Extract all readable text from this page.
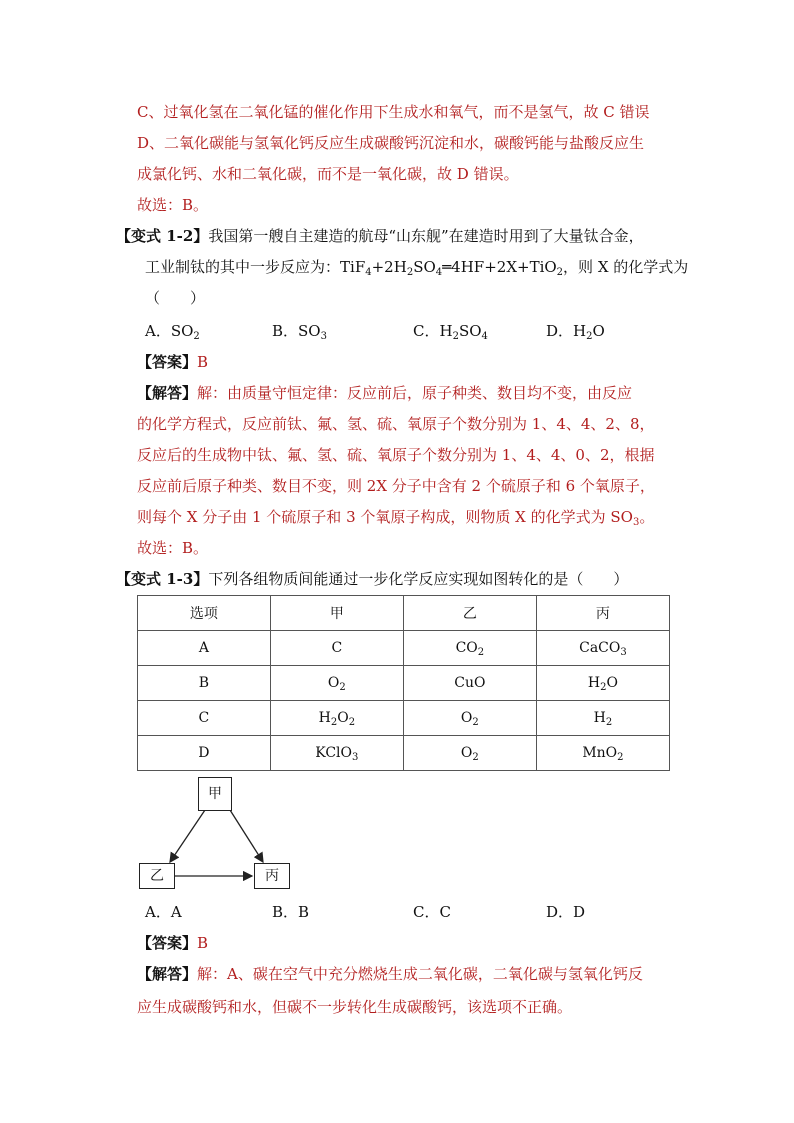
C、过氧化氢在二氧化锰的催化作用下生成水和氧气，而不是氢气，故 C 错误
D、二氧化碳能与氢氧化钙反应生成碳酸钙沉淀和水，碳酸钙能与盐酸反应生
成氯化钙、水和二氧化碳，而不是一氧化碳，故 D 错误。
故选：B。
【变式 1-2】我国第一艘自主建造的航母“山东舰”在建造时用到了大量钛合金，
工业制钛的其中一步反应为：$TiF_4+2H_2SO_4═4HF+2X+TiO_2$，则 X 的化学式为
（　　）
A．$SO_2$	B．$SO_3$	C．$H_2SO_4$	D．$H_2O$
【答案】B
【解答】解：由质量守恒定律：反应前后，原子种类、数目均不变，由反应
的化学方程式，反应前钛、氟、氢、硫、氧原子个数分别为 1、4、4、2、8，
反应后的生成物中钛、氟、氢、硫、氧原子个数分别为 1、4、4、0、2，根据
反应前后原子种类、数目不变，则 2X 分子中含有 2 个硫原子和 6 个氧原子，
则每个 X 分子由 1 个硫原子和 3 个氧原子构成，则物质 X 的化学式为 $SO_3$。
故选：B。
【变式 1-3】下列各组物质间能通过一步化学反应实现如图转化的是（　　）
选项	甲	乙	丙
A	C	$CO_2$	CaCO$_3$
B	$O_2$	CuO	$H_2O$
C	$H_2O_2$	$O_2$	$H_2$
D	KClO$_3$	$O_2$	MnO$_2$
甲
乙	丙
A．A	B．B	C．C	D．D
【答案】B
【解答】解：A、碳在空气中充分燃烧生成二氧化碳，二氧化碳与氢氧化钙反
应生成碳酸钙和水，但碳不一步转化生成碳酸钙，该选项不正确。
